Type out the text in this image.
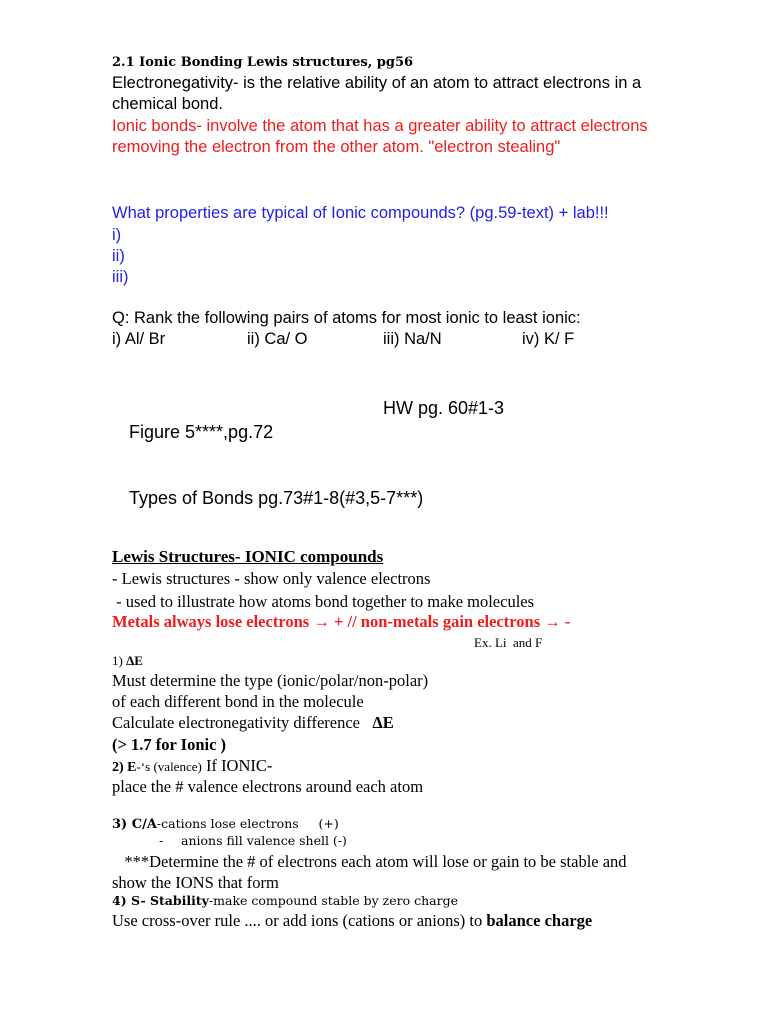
2.1 Ionic Bonding Lewis structures, pg56

Electronegativity- is the relative ability of an atom to attract electrons in a

chemical bond.

Ionic bonds- involve the atom that has a greater ability to attract electrons

removing the electron from the other atom. "electron stealing"

What properties are typical of Ionic compounds? (pg.59-text) + lab!!!

i)

ii)

iii)

Q: Rank the following pairs of atoms for most ionic to least ionic:

i) Al/ Br	ii) Ca/ O	iii) Na/N	iv) K/ F

HW pg. 60#1-3

Figure 5****,pg.72

Types of Bonds pg.73#1-8(#3,5-7***)

Lewis Structures- IONIC compounds

- Lewis structures - show only valence electrons

- used to illustrate how atoms bond together to make molecules

Metals always lose electrons → + // non-metals gain electrons → -

Ex. Li  and F

1) ΔE

Must determine the type (ionic/polar/non-polar)

of each different bond in the molecule

Calculate electronegativity difference   ΔE

(> 1.7 for Ionic )

2) E-‘s (valence) If IONIC-

place the # valence electrons around each atom

3) C/A-cations lose electrons     (+)

- anions fill valence shell (-)

***Determine the # of electrons each atom will lose or gain to be stable and

show the IONS that form

4) S- Stability-make compound stable by zero charge

Use cross-over rule .... or add ions (cations or anions) to balance charge
